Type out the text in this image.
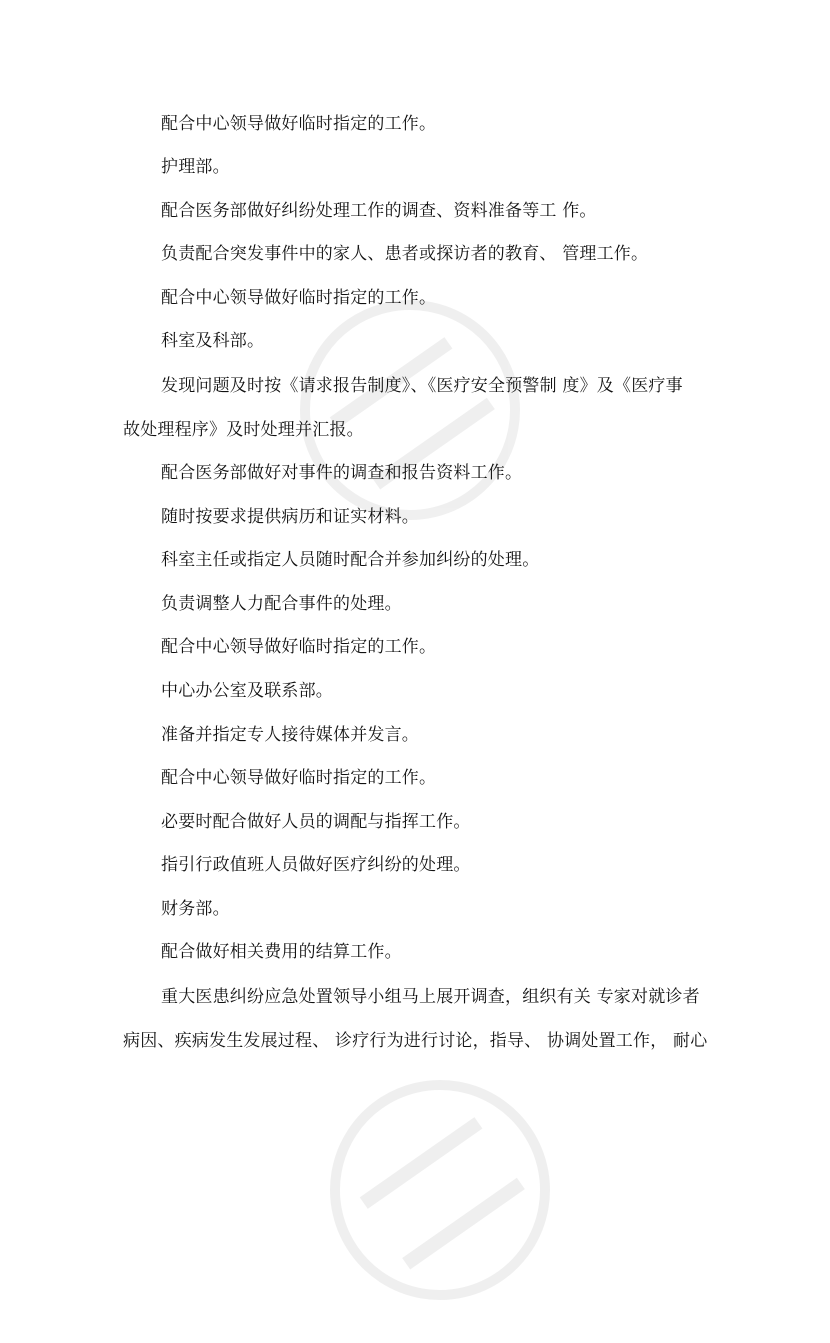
配合中心领导做好临时指定的工作。
护理部。
配合医务部做好纠纷处理工作的调查、资料准备等工 作。
负责配合突发事件中的家人、患者或探访者的教育、 管理工作。
配合中心领导做好临时指定的工作。
科室及科部。
发现问题及时按《请求报告制度》、《医疗安全预警制 度》及《医疗事
故处理程序》及时处理并汇报。
配合医务部做好对事件的调查和报告资料工作。
随时按要求提供病历和证实材料。
科室主任或指定人员随时配合并参加纠纷的处理。
负责调整人力配合事件的处理。
配合中心领导做好临时指定的工作。
中心办公室及联系部。
准备并指定专人接待媒体并发言。
配合中心领导做好临时指定的工作。
必要时配合做好人员的调配与指挥工作。
指引行政值班人员做好医疗纠纷的处理。
财务部。
配合做好相关费用的结算工作。
重大医患纠纷应急处置领导小组马上展开调查，组织有关 专家对就诊者
病因、疾病发生发展过程、 诊疗行为进行讨论，指导、 协调处置工作， 耐心
